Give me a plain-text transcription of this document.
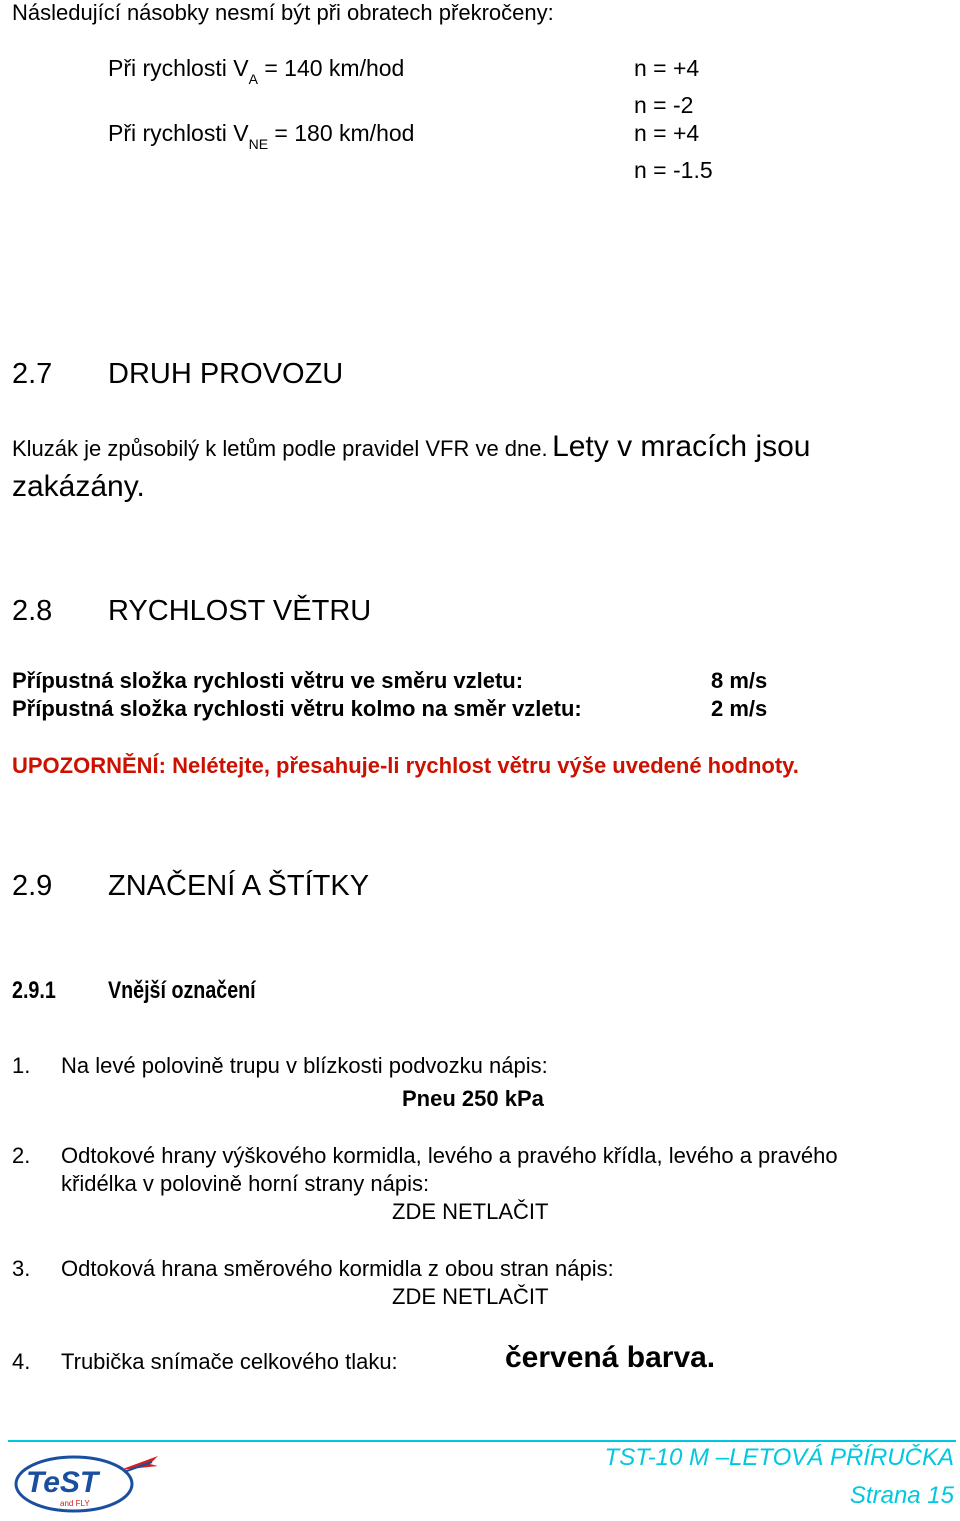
Následující násobky nesmí být při obratech překročeny:
Při rychlosti $V_A = 140$ km/hod	n = +4
n = -2
Při rychlosti $V_{NE} = 180$ km/hod	n = +4
n = -1.5
2.7 DRUH PROVOZU
Kluzák je způsobilý k letům podle pravidel VFR ve dne. Lety v mracích jsou
zakázány.
2.8 RYCHLOST VĚTRU
Přípustná složka rychlosti větru ve směru vzletu:	8 m/s
Přípustná složka rychlosti větru kolmo na směr vzletu:	2 m/s
UPOZORNĚNÍ: Nelétejte, přesahuje-li rychlost větru výše uvedené hodnoty.
2.9 ZNAČENÍ A ŠTÍTKY
2.9.1 Vnější označení
1. Na levé polovině trupu v blízkosti podvozku nápis:
Pneu 250 kPa
2. Odtokové hrany výškového kormidla, levého a pravého křídla, levého a pravého
křidélka v polovině horní strany nápis:
ZDE NETLAČIT
3. Odtoková hrana směrového kormidla z obou stran nápis:
ZDE NETLAČIT
4. Trubička snímače celkového tlaku:	červená barva.
TeST
and FLY
TST-10 M –LETOVÁ PŘÍRUČKA
Strana 15
